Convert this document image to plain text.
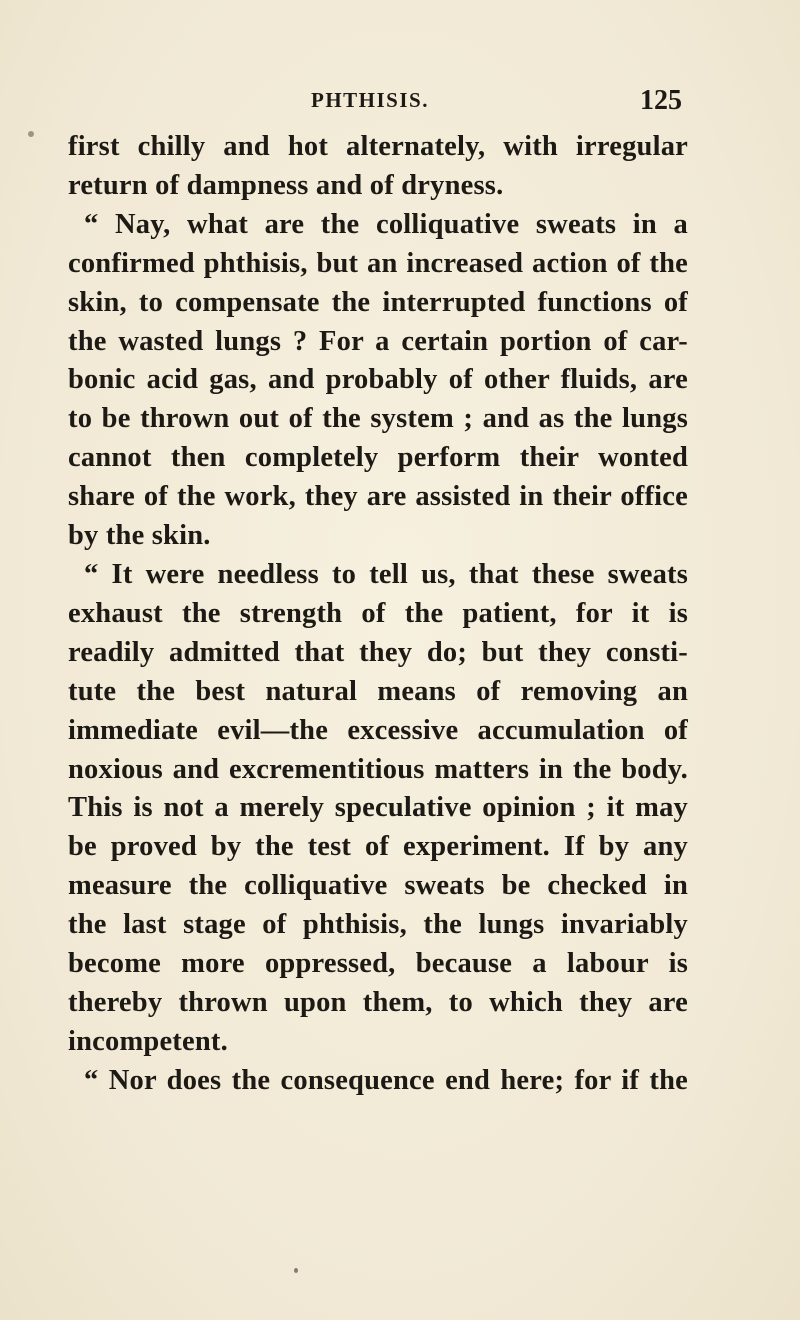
PHTHISIS.	125

first chilly and hot alternately, with irregular
return of dampness and of dryness.

“ Nay, what are the colliquative sweats in a
confirmed phthisis, but an increased action of the
skin, to compensate the interrupted functions of
the wasted lungs ? For a certain portion of car-
bonic acid gas, and probably of other fluids, are
to be thrown out of the system ; and as the lungs
cannot then completely perform their wonted
share of the work, they are assisted in their office
by the skin.

“ It were needless to tell us, that these sweats
exhaust the strength of the patient, for it is
readily admitted that they do; but they consti-
tute the best natural means of removing an
immediate evil—the excessive accumulation of
noxious and excrementitious matters in the body.
This is not a merely speculative opinion ; it may
be proved by the test of experiment. If by any
measure the colliquative sweats be checked in
the last stage of phthisis, the lungs invariably
become more oppressed, because a labour is
thereby thrown upon them, to which they are
incompetent.

“ Nor does the consequence end here; for if the
